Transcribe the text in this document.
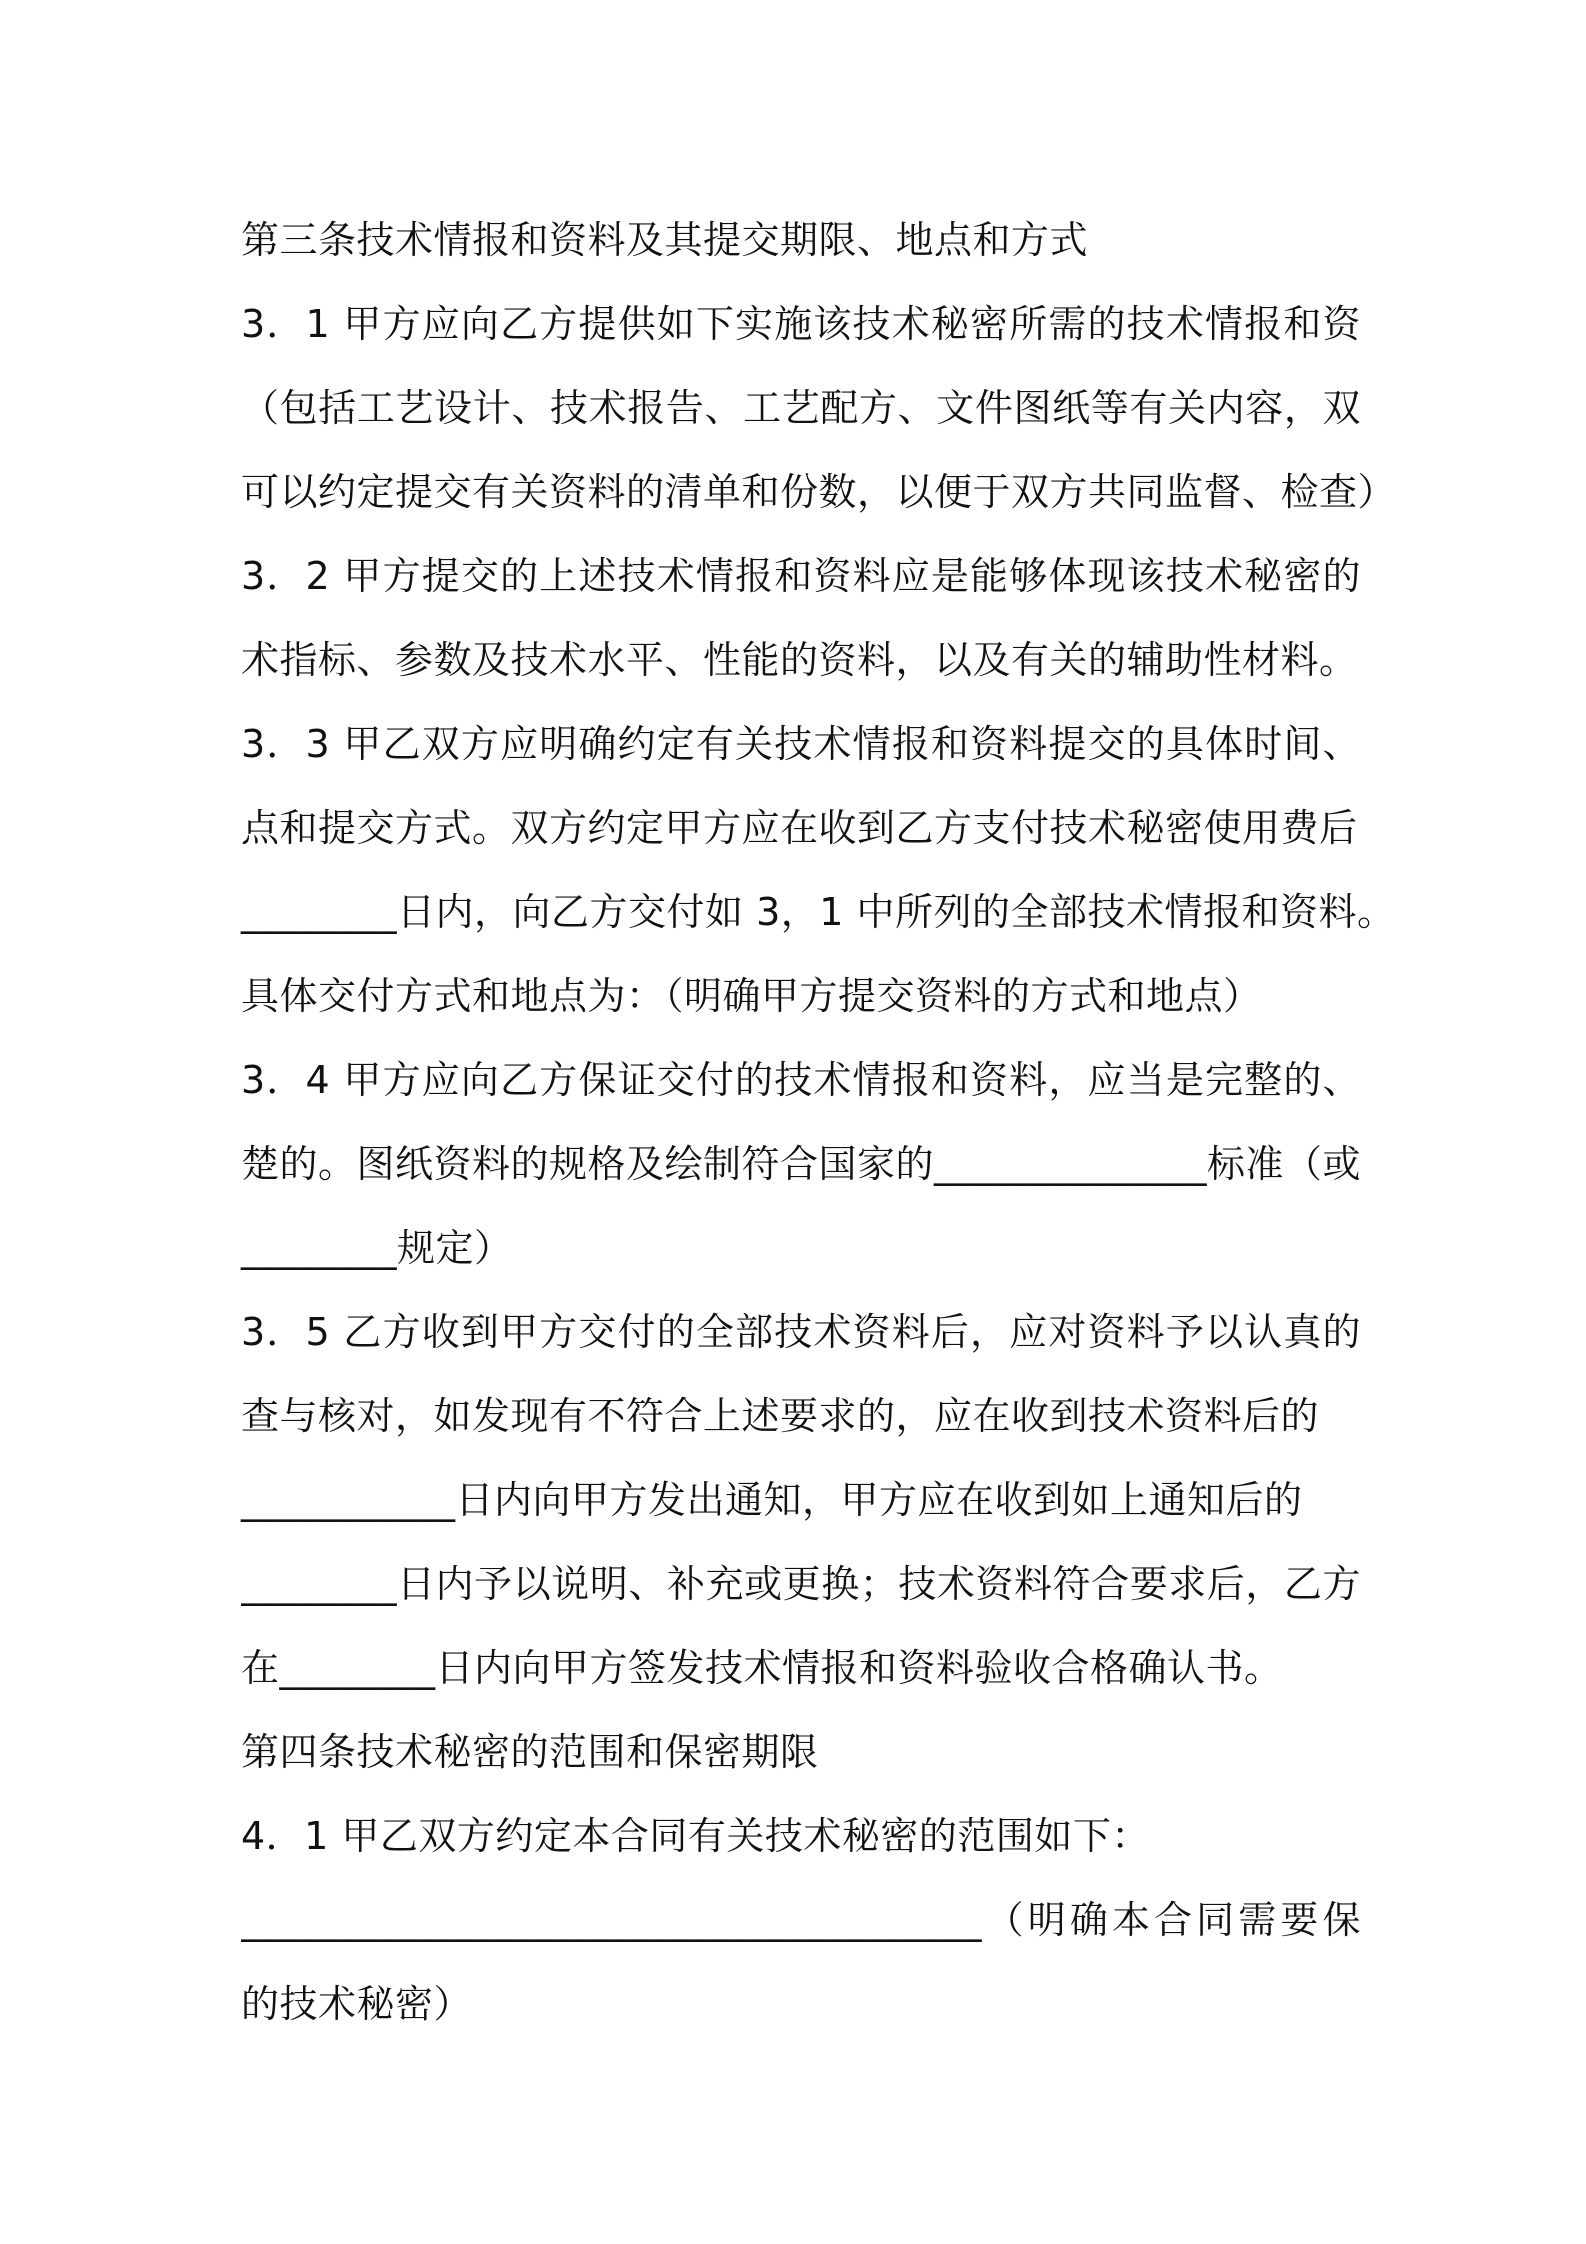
第三条技术情报和资料及其提交期限、地点和方式
3．1 甲方应向乙方提供如下实施该技术秘密所需的技术情报和资
（包括工艺设计、技术报告、工艺配方、文件图纸等有关内容，双
可以约定提交有关资料的清单和份数，以便于双方共同监督、检查）
3．2 甲方提交的上述技术情报和资料应是能够体现该技术秘密的
术指标、参数及技术水平、性能的资料，以及有关的辅助性材料。
3．3 甲乙双方应明确约定有关技术情报和资料提交的具体时间、
点和提交方式。双方约定甲方应在收到乙方支付技术秘密使用费后
________日内，向乙方交付如 3，1 中所列的全部技术情报和资料。
具体交付方式和地点为：（明确甲方提交资料的方式和地点）
3．4 甲方应向乙方保证交付的技术情报和资料，应当是完整的、
楚的。图纸资料的规格及绘制符合国家的______________标准（或
________规定）
3．5 乙方收到甲方交付的全部技术资料后，应对资料予以认真的
查与核对，如发现有不符合上述要求的，应在收到技术资料后的
___________日内向甲方发出通知，甲方应在收到如上通知后的
________日内予以说明、补充或更换；技术资料符合要求后，乙方
在________日内向甲方签发技术情报和资料验收合格确认书。
第四条技术秘密的范围和保密期限
4．1 甲乙双方约定本合同有关技术秘密的范围如下：
______________________________________（明确本合同需要保
的技术秘密）
